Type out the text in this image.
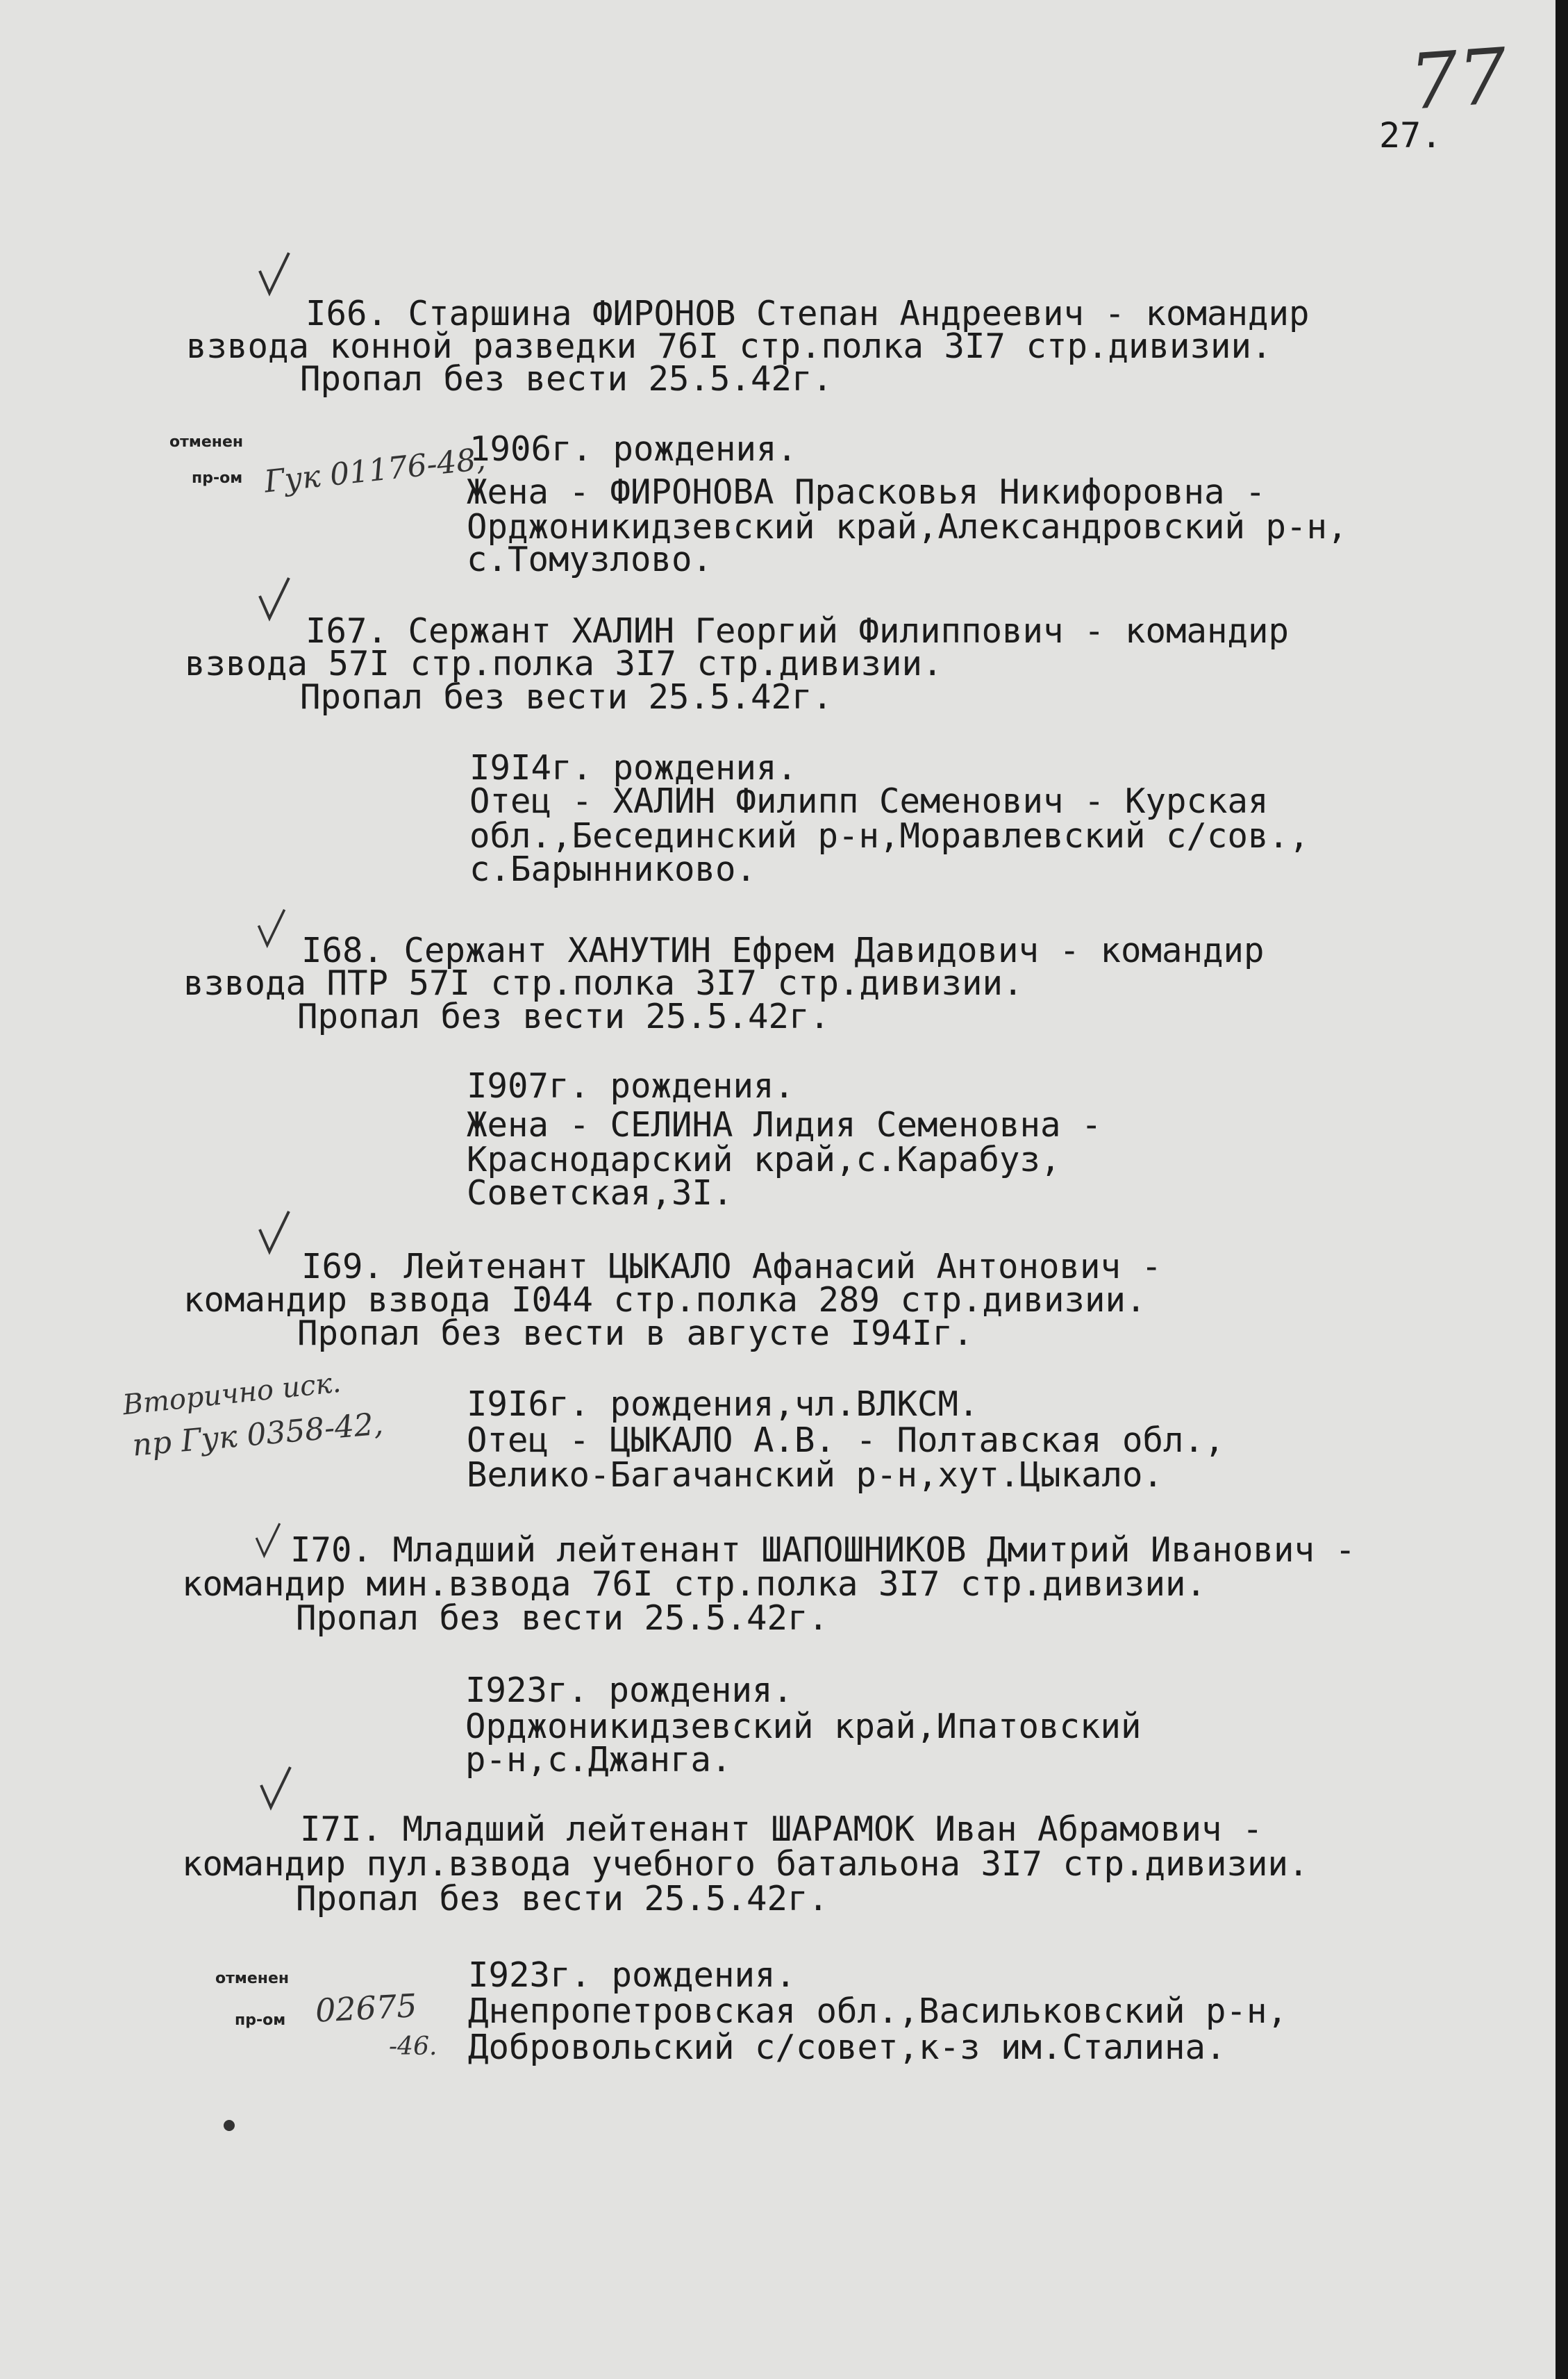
77
27.
I66. Старшина ФИРОНОВ Степан Андреевич - командир
взвода конной разведки 76I стр.полка 3I7 стр.дивизии.
Пропал без вести 25.5.42г.
1906г. рождения.
Жена - ФИРОНОВА Прасковья Никифоровна -
Орджоникидзевский край,Александровский р-н,
с.Томузлово.
отменен
пр-ом Гук 01176-48,
I67. Сержант ХАЛИН Георгий Филиппович - командир
взвода 57I стр.полка 3I7 стр.дивизии.
Пропал без вести 25.5.42г.
I9I4г. рождения.
Отец - ХАЛИН Филипп Семенович - Курская
обл.,Бесединский р-н,Моравлевский с/сов.,
с.Барынниково.
I68. Сержант ХАНУТИН Ефрем Давидович - командир
взвода ПТР 57I стр.полка 3I7 стр.дивизии.
Пропал без вести 25.5.42г.
I907г. рождения.
Жена - СЕЛИНА Лидия Семеновна -
Краснодарский край,с.Карабуз,
Советская,3I.
I69. Лейтенант ЦЫКАЛО Афанасий Антонович -
командир взвода I044 стр.полка 289 стр.дивизии.
Пропал без вести в августе I94Iг.
I9I6г. рождения,чл.ВЛКСМ.
Отец - ЦЫКАЛО А.В. - Полтавская обл.,
Велико-Багачанский р-н,хут.Цыкало.
Вторично иск.
пр Гук 0358-42,
I70. Младший лейтенант ШАПОШНИКОВ Дмитрий Иванович -
командир мин.взвода 76I стр.полка 3I7 стр.дивизии.
Пропал без вести 25.5.42г.
I923г. рождения.
Орджоникидзевский край,Ипатовский
р-н,с.Джанга.
I7I. Младший лейтенант ШАРАМОК Иван Абрамович -
командир пул.взвода учебного батальона 3I7 стр.дивизии.
Пропал без вести 25.5.42г.
I923г. рождения.
Днепропетровская обл.,Васильковский р-н,
Добровольский с/совет,к-з им.Сталина.
отменен
пр-ом 02675
-46.
